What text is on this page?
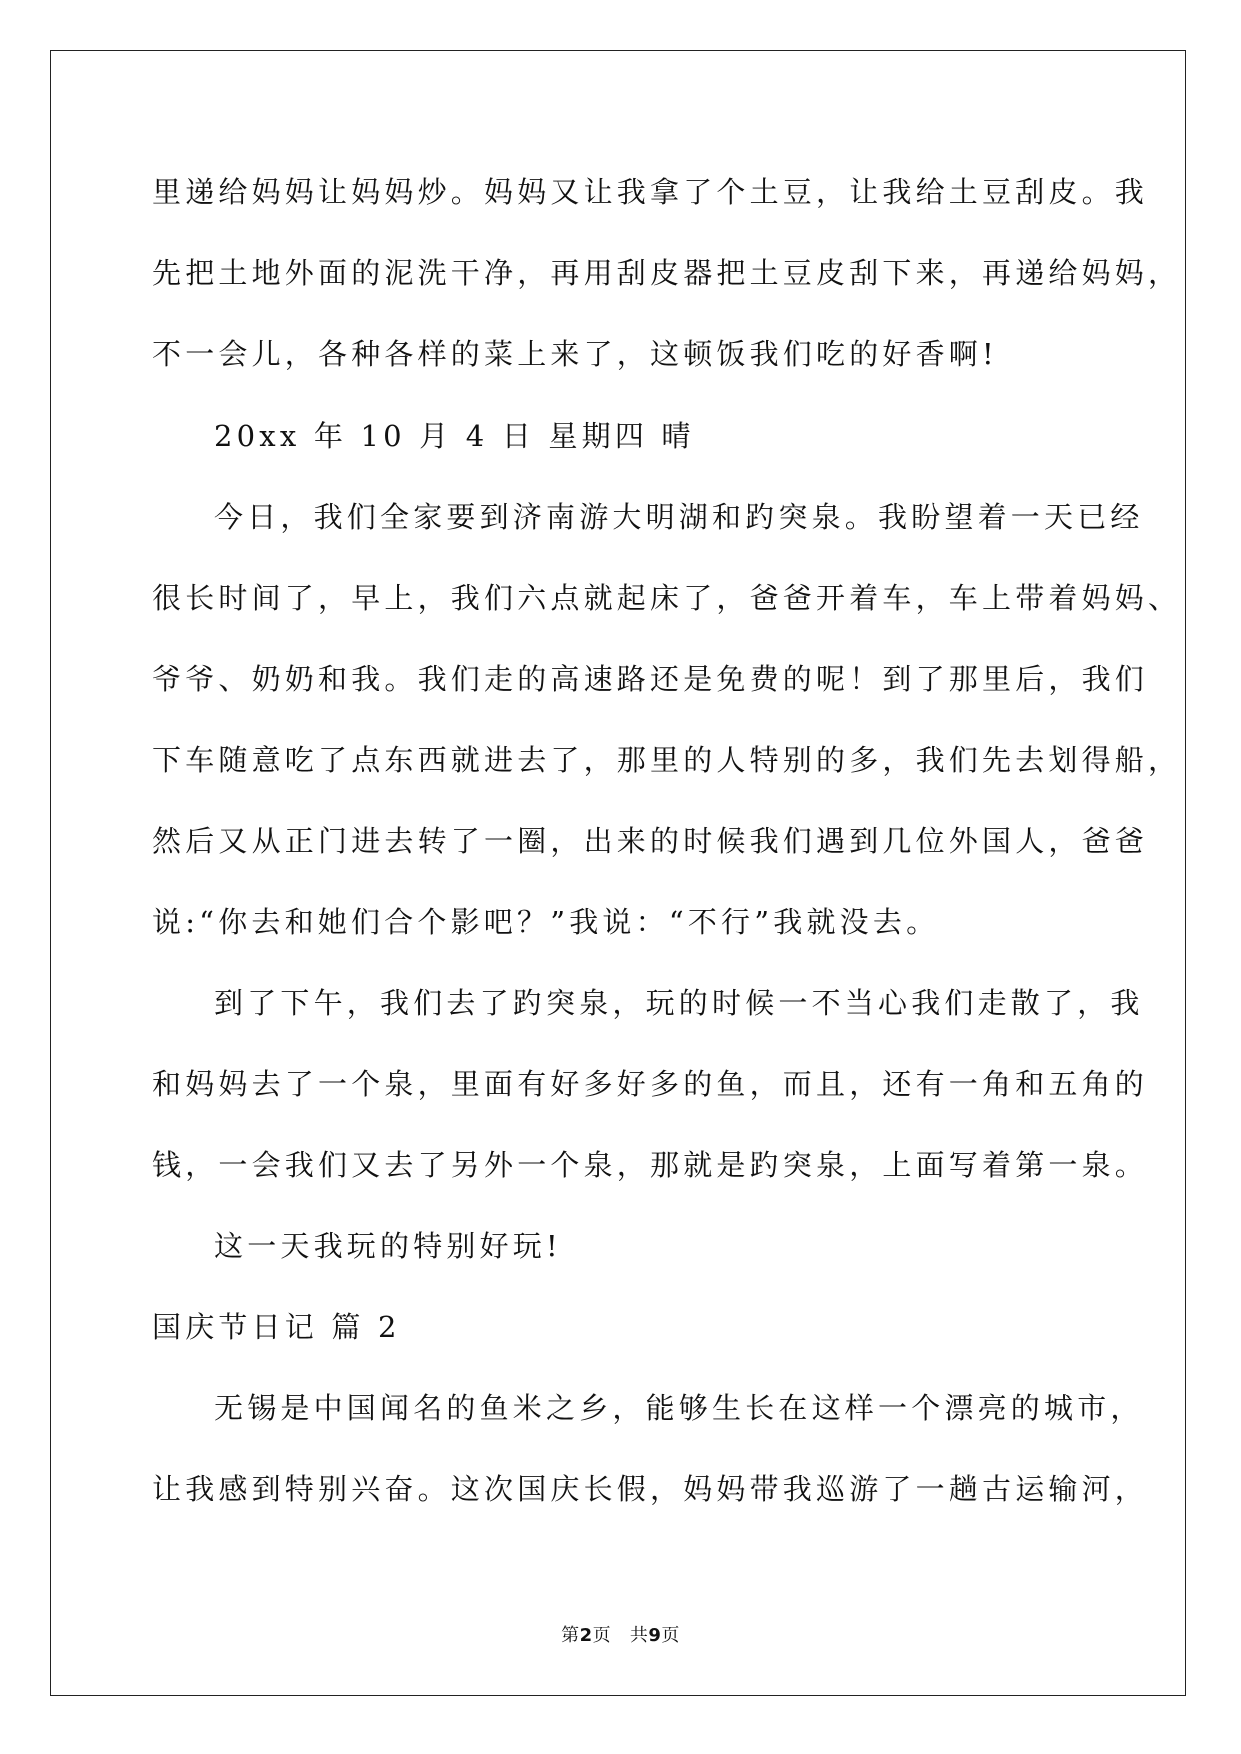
里递给妈妈让妈妈炒。妈妈又让我拿了个土豆，让我给土豆刮皮。我
先把土地外面的泥洗干净，再用刮皮器把土豆皮刮下来，再递给妈妈，
不一会儿，各种各样的菜上来了，这顿饭我们吃的好香啊!
20xx 年 10 月 4 日 星期四 晴
今日，我们全家要到济南游大明湖和趵突泉。我盼望着一天已经
很长时间了，早上，我们六点就起床了，爸爸开着车，车上带着妈妈、
爷爷、奶奶和我。我们走的高速路还是免费的呢！到了那里后，我们
下车随意吃了点东西就进去了，那里的人特别的多，我们先去划得船，
然后又从正门进去转了一圈，出来的时候我们遇到几位外国人，爸爸
说:“你去和她们合个影吧？”我说：“不行”我就没去。
到了下午，我们去了趵突泉，玩的时候一不当心我们走散了，我
和妈妈去了一个泉，里面有好多好多的鱼，而且，还有一角和五角的
钱，一会我们又去了另外一个泉，那就是趵突泉，上面写着第一泉。
这一天我玩的特别好玩!
国庆节日记 篇 2
无锡是中国闻名的鱼米之乡，能够生长在这样一个漂亮的城市，
让我感到特别兴奋。这次国庆长假，妈妈带我巡游了一趟古运输河，
第2页 共9页
